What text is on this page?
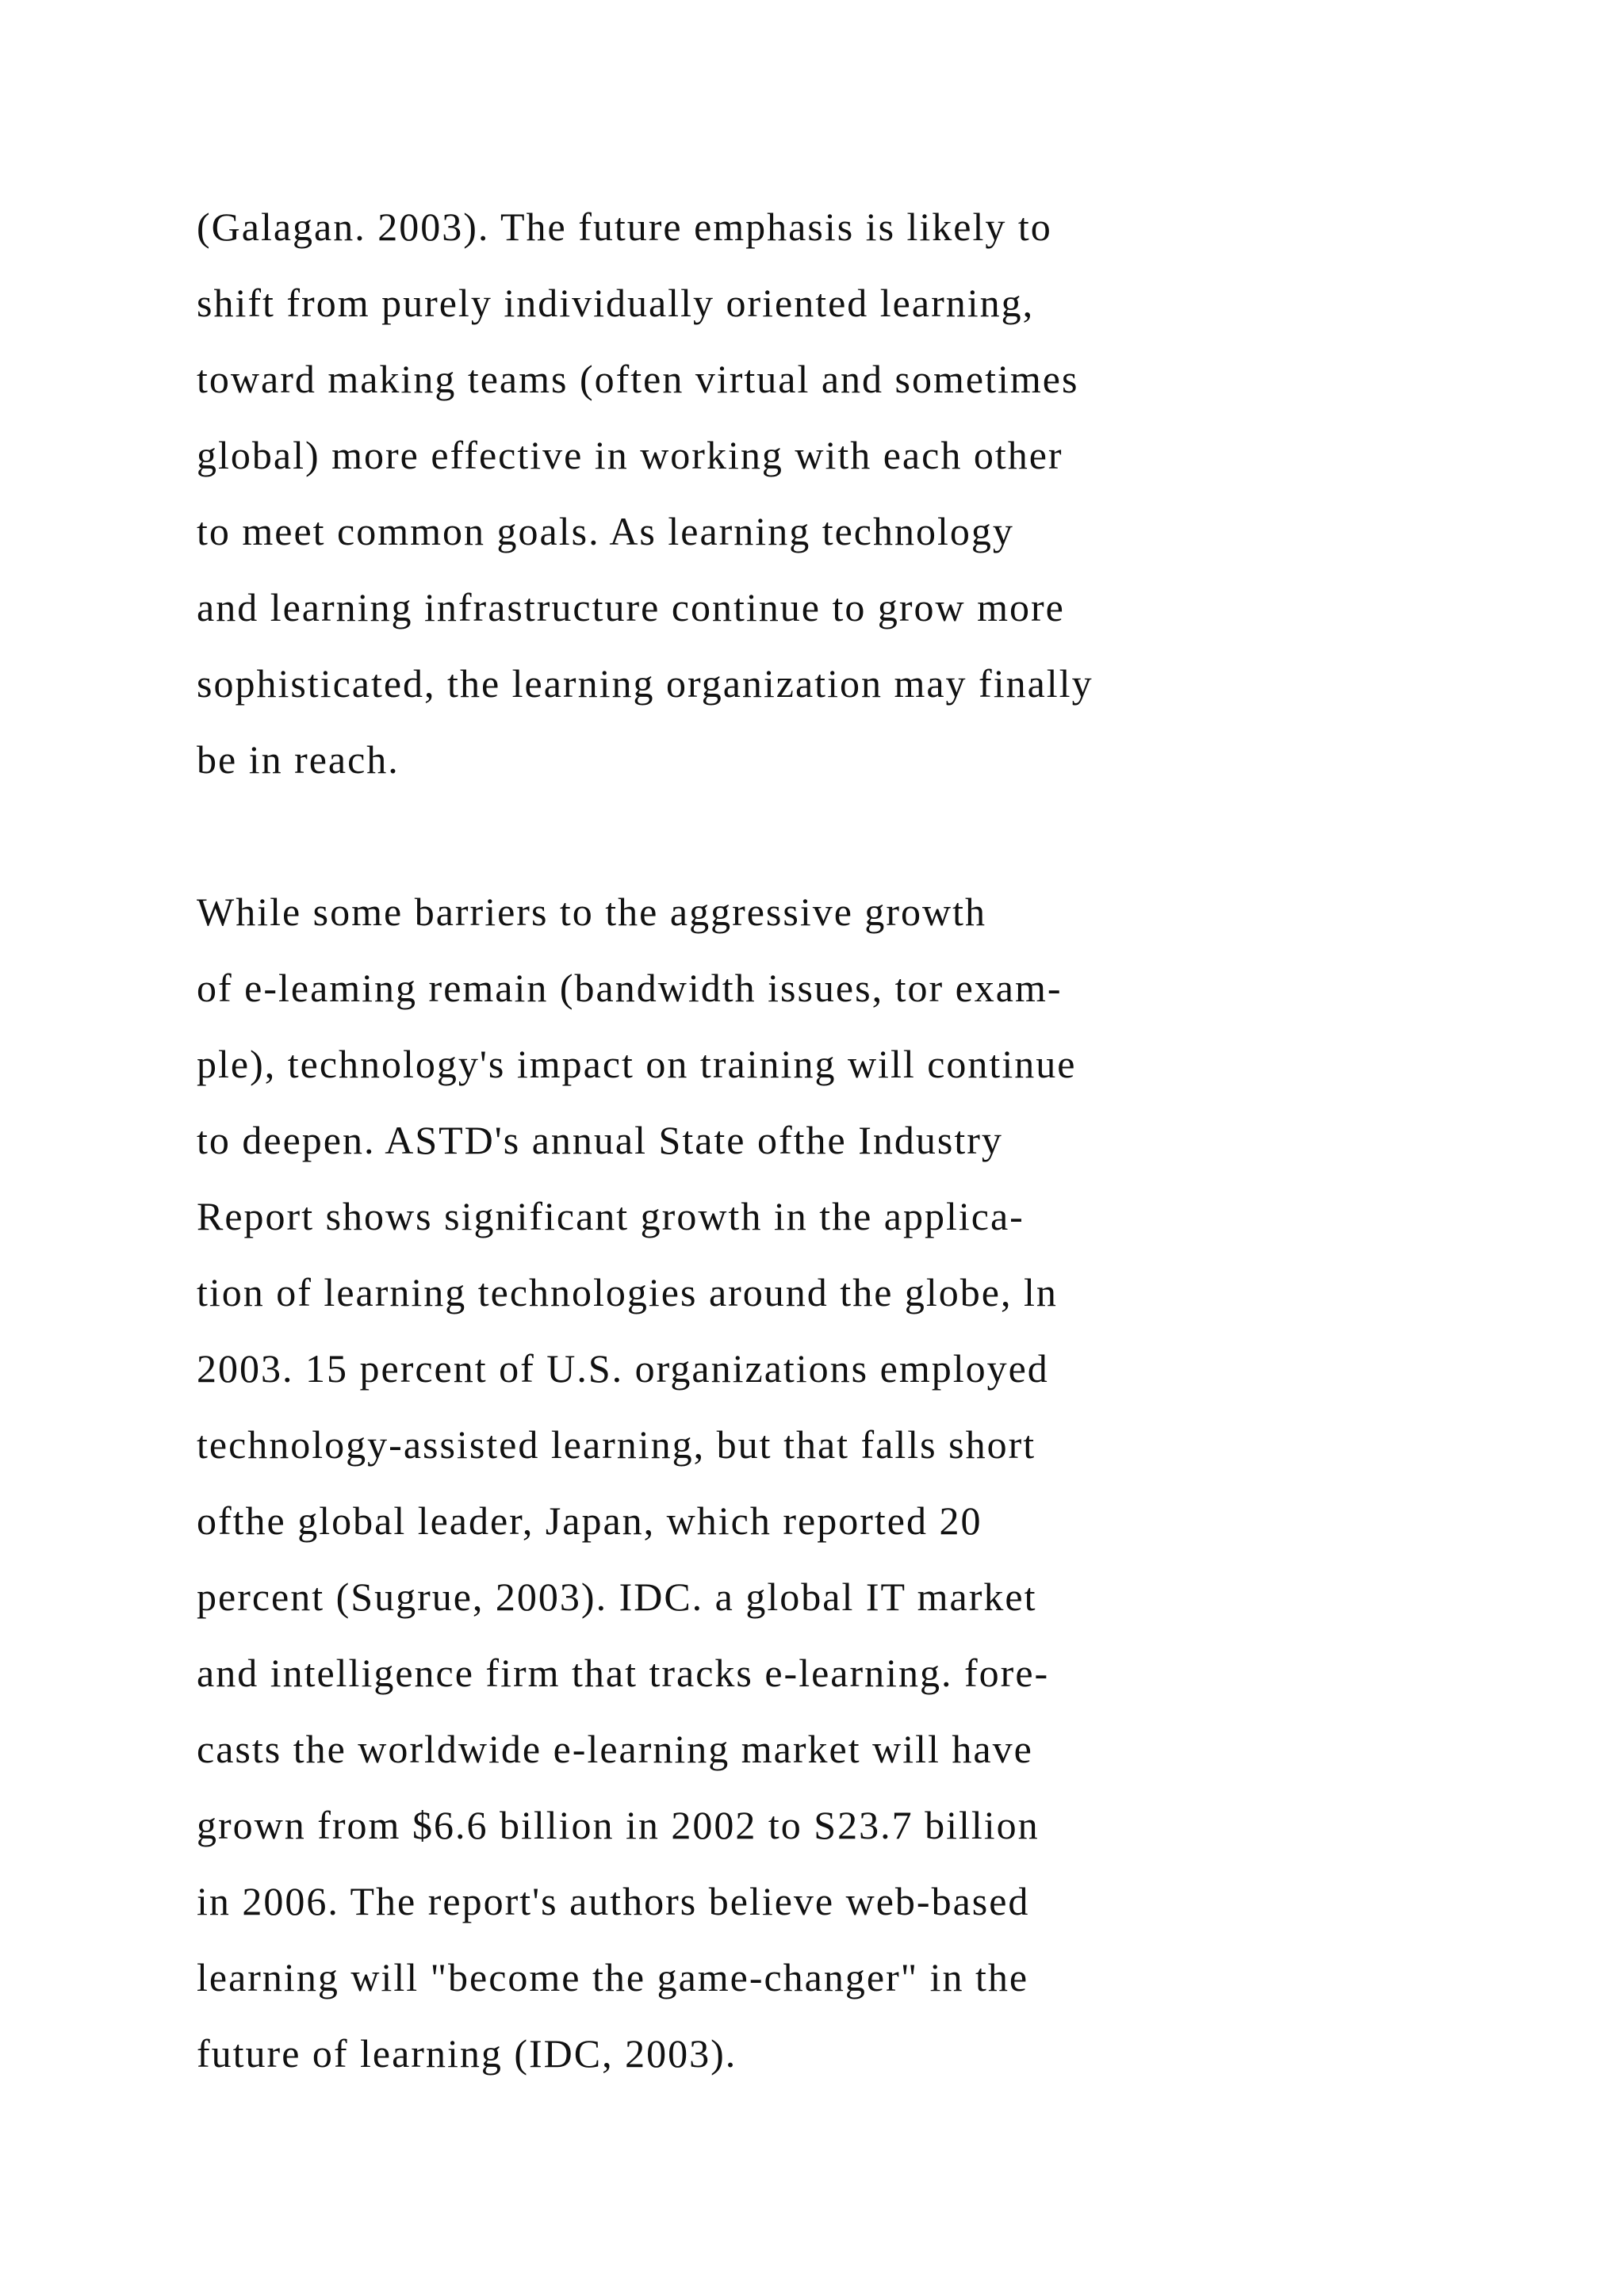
(Galagan. 2003). The future emphasis is likely to
shift from purely individually oriented learning,
toward making teams (often virtual and sometimes
global) more effective in working with each other
to meet common goals. As learning technology
and learning infrastructure continue to grow more
sophisticated, the learning organization may finally
be in reach.
While some barriers to the aggressive growth
of e-leaming remain (bandwidth issues, tor exam-
ple), technology's impact on training will continue
to deepen. ASTD's annual State ofthe Industry
Report shows significant growth in the applica-
tion of learning technologies around the globe, ln
2003. 15 percent of U.S. organizations employed
technology-assisted learning, but that falls short
ofthe global leader, Japan, which reported 20
percent (Sugrue, 2003). IDC. a global IT market
and intelligence firm that tracks e-learning. fore-
casts the worldwide e-learning market will have
grown from $6.6 billion in 2002 to S23.7 billion
in 2006. The report's authors believe web-based
learning will "become the game-changer" in the
future of learning (IDC, 2003).
